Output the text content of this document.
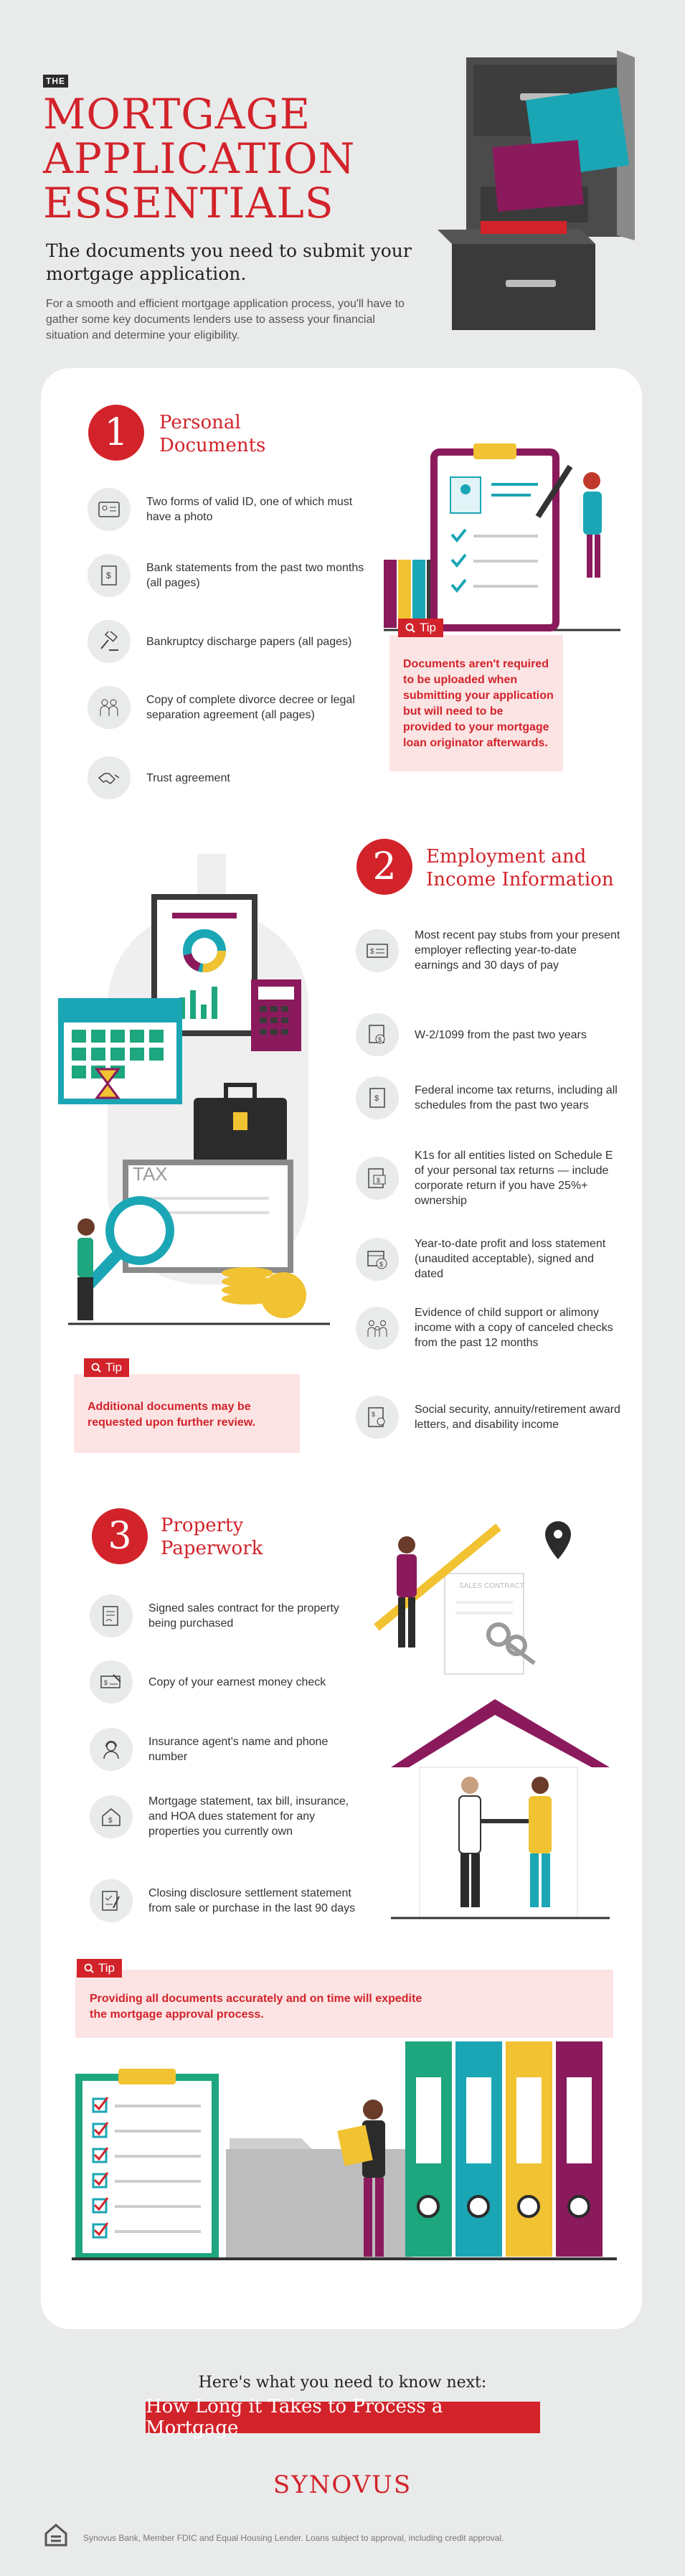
THE
MORTGAGE
APPLICATION
ESSENTIALS
The documents you need to submit your mortgage application.
For a smooth and efficient mortgage application process, you'll have to gather some key documents lenders use to assess your financial situation and determine your eligibility.
1	Personal
Documents
Two forms of valid ID, one of which must have a photo
$
Bank statements from the past two months (all pages)
Bankruptcy discharge papers (all pages)
Copy of complete divorce decree or legal separation agreement (all pages)
Trust agreement
Tip
Documents aren't required to be uploaded when submitting your application but will need to be provided to your mortgage loan originator afterwards.
2	Employment and
Income Information
$
Most recent pay stubs from your present employer reflecting year-to-date earnings and 30 days of pay
$	W-2/1099 from the past two years
$
Federal income tax returns, including all schedules from the past two years
$
K1s for all entities listed on Schedule E of your personal tax returns — include corporate return if you have 25%+ ownership
$
Year-to-date profit and loss statement (unaudited acceptable), signed and dated
Evidence of child support or alimony income with a copy of canceled checks from the past 12 months
$	Social security, annuity/retirement award letters, and disability income
TAX
Tip
Additional documents may be requested upon further review.
3	Property
Paperwork
Signed sales contract for the property being purchased
$	Copy of your earnest money check
Insurance agent's name and phone number
$
Mortgage statement, tax bill, insurance, and HOA dues statement for any properties you currently own
Closing disclosure settlement statement from sale or purchase in the last 90 days
SALES CONTRACT
Tip
Providing all documents accurately and on time will expedite the mortgage approval process.
Here's what you need to know next:
How Long it Takes to Process a Mortgage
SYNOVUS
Synovus Bank, Member FDIC and Equal Housing Lender. Loans subject to approval, including credit approval.
